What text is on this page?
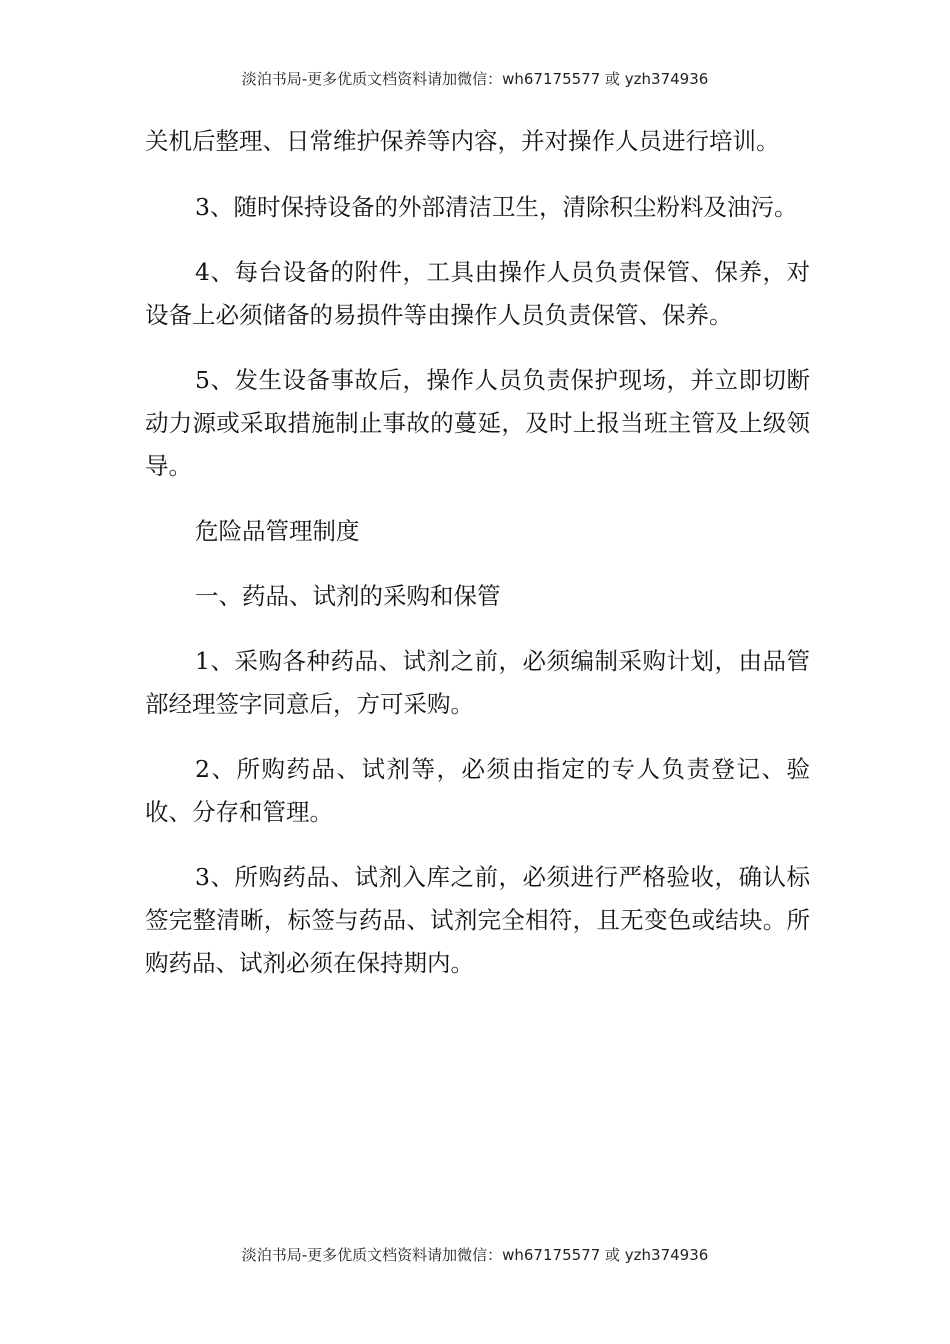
淡泊书局-更多优质文档资料请加微信：wh67175577 或 yzh374936

关机后整理、日常维护保养等内容，并对操作人员进行培训。

3、随时保持设备的外部清洁卫生，清除积尘粉料及油污。

4、每台设备的附件，工具由操作人员负责保管、保养，对设备上必须储备的易损件等由操作人员负责保管、保养。

5、发生设备事故后，操作人员负责保护现场，并立即切断动力源或采取措施制止事故的蔓延，及时上报当班主管及上级领导。

危险品管理制度

一、药品、试剂的采购和保管

1、采购各种药品、试剂之前，必须编制采购计划，由品管部经理签字同意后，方可采购。

2、所购药品、试剂等，必须由指定的专人负责登记、验收、分存和管理。

3、所购药品、试剂入库之前，必须进行严格验收，确认标签完整清晰，标签与药品、试剂完全相符，且无变色或结块。所购药品、试剂必须在保持期内。

淡泊书局-更多优质文档资料请加微信：wh67175577 或 yzh374936
